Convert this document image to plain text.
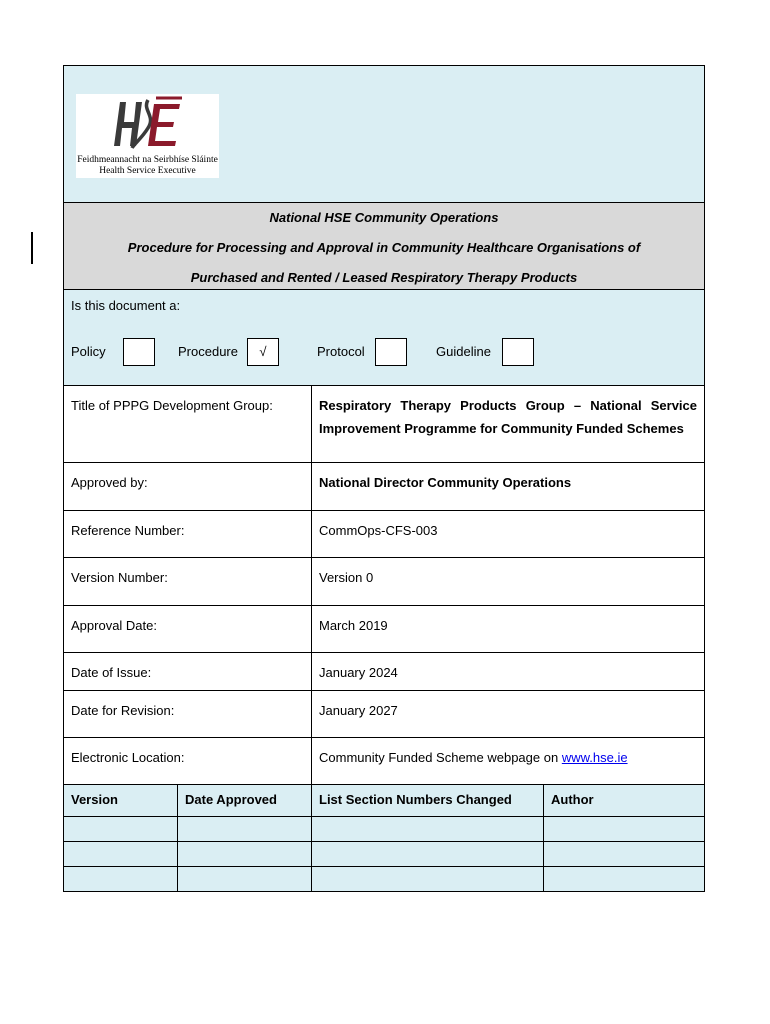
Feidhmeannacht na Seirbhíse Sláinte
Health Service Executive
National HSE Community Operations
Procedure for Processing and Approval in Community Healthcare Organisations of
Purchased and Rented / Leased Respiratory Therapy Products
Is this document a:
Policy	Procedure	√	Protocol	Guideline
Title of PPPG Development Group:	Respiratory Therapy Products Group – National Service Improvement Programme for Community Funded Schemes
Approved by:	National Director Community Operations
Reference Number:	CommOps-CFS-003
Version Number:	Version 0
Approval Date:	March 2019
Date of Issue:	January 2024
Date for Revision:	January 2027
Electronic Location:	Community Funded Scheme webpage on www.hse.ie
Version	Date Approved	List Section Numbers Changed	Author
